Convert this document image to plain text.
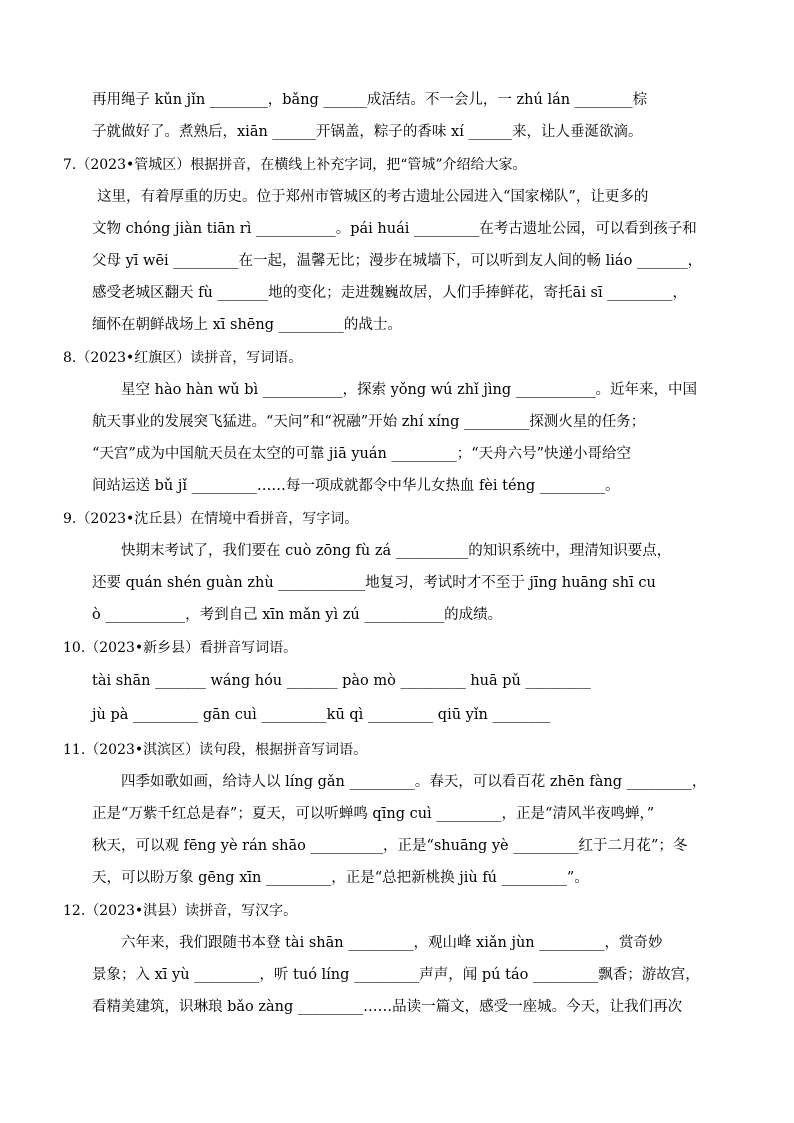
再用绳子 kǔn jǐn ________，bǎng ______成活结。不一会儿，一 zhú lán ________棕
子就做好了。煮熟后，xiān ______开锅盖，粽子的香味 xí ______来，让人垂涎欲滴。
7.（2023•管城区）根据拼音，在横线上补充字词，把“管城”介绍给大家。
这里，有着厚重的历史。位于郑州市管城区的考古遗址公园进入“国家梯队”，让更多的
文物 chóng jiàn tiān rì ___________。pái huái _________在考古遗址公园，可以看到孩子和
父母 yī wēi _________在一起，温馨无比；漫步在城墙下，可以听到友人间的畅 liáo _______，
感受老城区翻天 fù _______地的变化；走进魏巍故居，人们手捧鲜花，寄托āi sī _________，
缅怀在朝鲜战场上 xī shēng _________的战士。
8.（2023•红旗区）读拼音，写词语。
星空 hào hàn wǔ bì ___________，探索 yǒng wú zhǐ jìng ___________。近年来，中国
航天事业的发展突飞猛进。“天问”和“祝融”开始 zhí xíng _________探测火星的任务；
“天宫”成为中国航天员在太空的可靠 jiā yuán _________；“天舟六号”快递小哥给空
间站运送 bǔ jǐ _________……每一项成就都令中华儿女热血 fèi téng _________。
9.（2023•沈丘县）在情境中看拼音，写字词。
快期末考试了，我们要在 cuò zōng fù zá __________的知识系统中，理清知识要点，
还要 quán shén guàn zhù ____________地复习，考试时才不至于 jīng huāng shī cu
ò ___________，考到自己 xīn mǎn yì zú ___________的成绩。
10.（2023•新乡县）看拼音写词语。
tài shān _______ wáng hóu _______ pào mò _________ huā pǔ _________
jù pà _________ gān cuì _________kū qì _________ qiū yǐn ________
11.（2023•淇滨区）读句段，根据拼音写词语。
四季如歌如画，给诗人以 líng gǎn _________。春天，可以看百花 zhēn fàng _________，
正是“万紫千红总是春”；夏天，可以听蝉鸣 qīng cuì _________，正是“清风半夜鸣蝉，”
秋天，可以观 fēng yè rán shāo __________，正是“shuāng yè _________红于二月花”；冬
天，可以盼万象 gēng xīn _________，正是“总把新桃换 jiù fú _________”。
12.（2023•淇县）读拼音，写汉字。
六年来，我们跟随书本登 tài shān _________，观山峰 xiǎn jùn _________，赏奇妙
景象；入 xī yù _________，听 tuó líng _________声声，闻 pú táo _________飘香；游故宫，
看精美建筑，识琳琅 bǎo zàng _________……品读一篇文，感受一座城。今天，让我们再次
